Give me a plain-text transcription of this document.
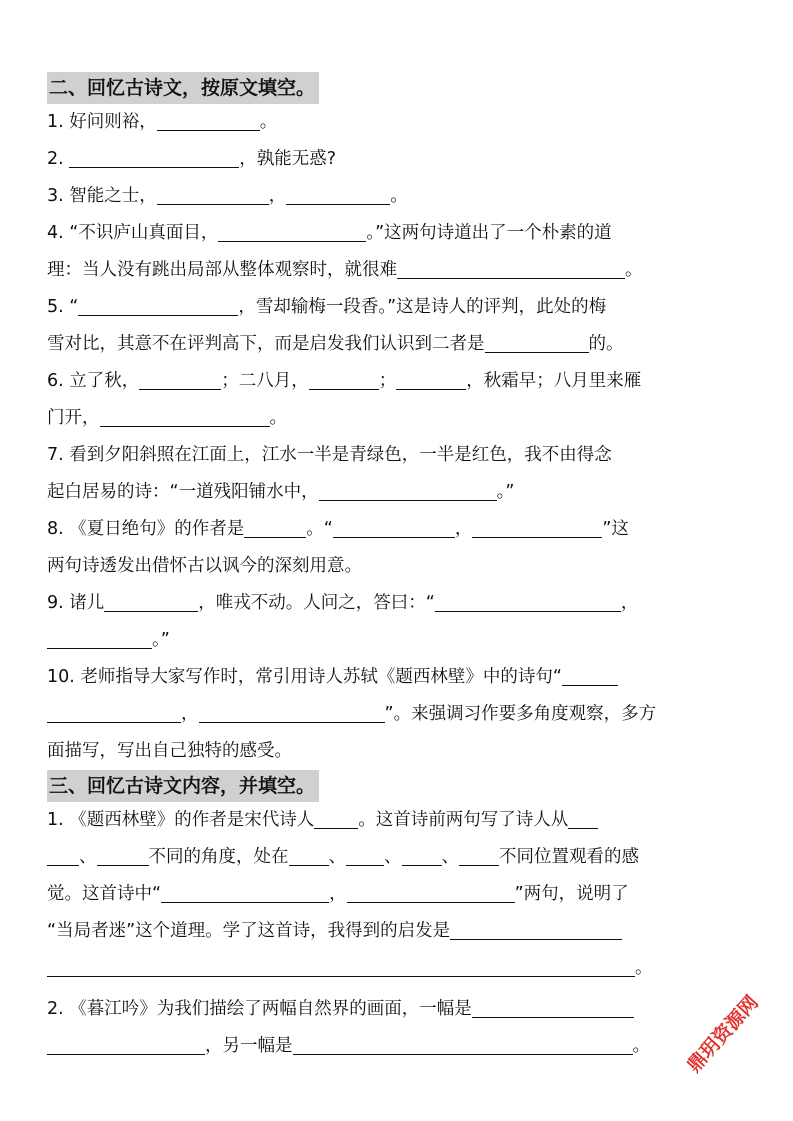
二、回忆古诗文，按原文填空。
1. 好问则裕，	。
2.	，孰能无惑?
3. 智能之士，	，	。
4. “不识庐山真面目，	。”这两句诗道出了一个朴素的道
理：当人没有跳出局部从整体观察时，就很难	。
5. “	，雪却输梅一段香。”这是诗人的评判，此处的梅
雪对比，其意不在评判高下，而是启发我们认识到二者是	的。
6. 立了秋，	；二八月，	；	，秋霜早；八月里来雁
门开，	。
7. 看到夕阳斜照在江面上，江水一半是青绿色，一半是红色，我不由得念
起白居易的诗：“一道残阳铺水中，	。”
8. 《夏日绝句》的作者是	。“	，	”这
两句诗透发出借怀古以讽今的深刻用意。
9. 诸儿	，唯戎不动。人问之，答曰：“	，
。”
10. 老师指导大家写作时，常引用诗人苏轼《题西林壁》中的诗句“
，	”。来强调习作要多角度观察，多方
面描写，写出自己独特的感受。
三、回忆古诗文内容，并填空。
1. 《题西林壁》的作者是宋代诗人	。这首诗前两句写了诗人从
、	不同的角度，处在 、 、 、 不同位置观看的感
觉。这首诗中“	，	”两句，说明了
“当局者迷”这个道理。学了这首诗，我得到的启发是
。
2. 《暮江吟》为我们描绘了两幅自然界的画面，一幅是
，另一幅是	。	鼎玥资源网
